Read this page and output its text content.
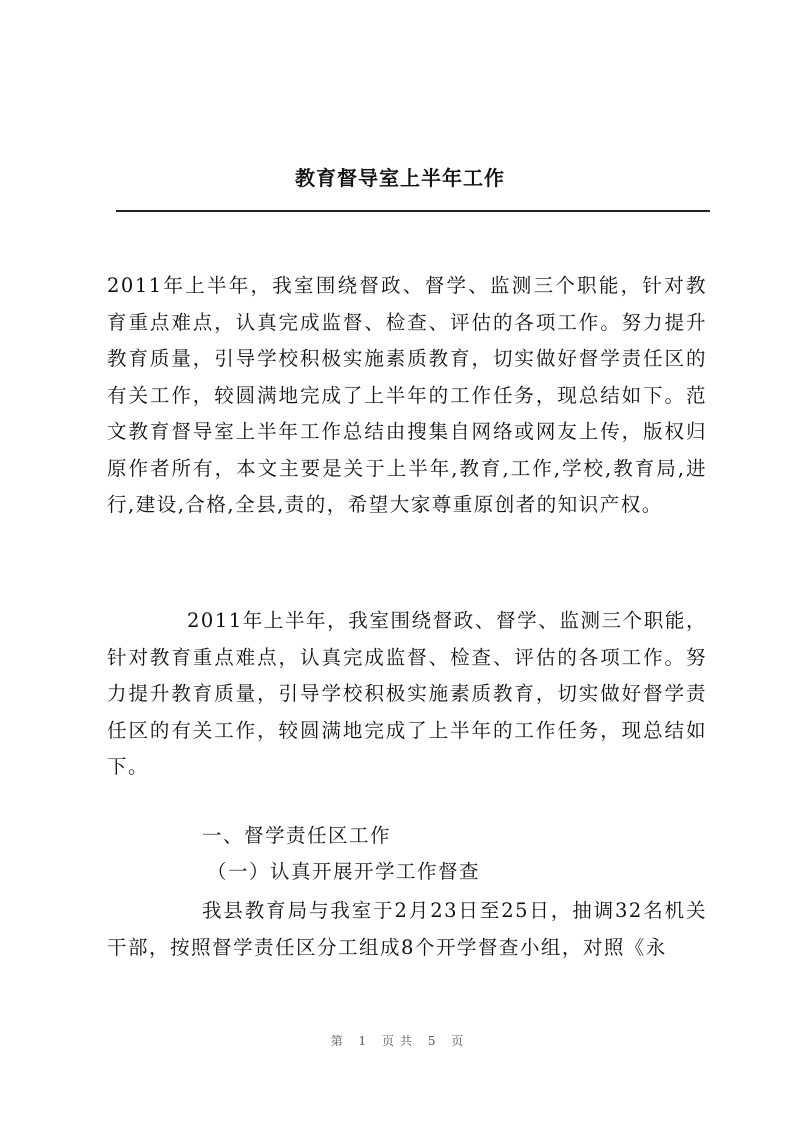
教育督导室上半年工作

2011年上半年，我室围绕督政、督学、监测三个职能，针对教育重点难点，认真完成监督、检查、评估的各项工作。努力提升教育质量，引导学校积极实施素质教育，切实做好督学责任区的有关工作，较圆满地完成了上半年的工作任务，现总结如下。范文教育督导室上半年工作总结由搜集自网络或网友上传，版权归原作者所有，本文主要是关于上半年,教育,工作,学校,教育局,进行,建设,合格,全县,责的，希望大家尊重原创者的知识产权。

2011年上半年，我室围绕督政、督学、监测三个职能，针对教育重点难点，认真完成监督、检查、评估的各项工作。努力提升教育质量，引导学校积极实施素质教育，切实做好督学责任区的有关工作，较圆满地完成了上半年的工作任务，现总结如下。

一、督学责任区工作

（一）认真开展开学工作督查

我县教育局与我室于2月23日至25日，抽调32名机关干部，按照督学责任区分工组成8个开学督查小组，对照《永

第 1 页共 5 页
